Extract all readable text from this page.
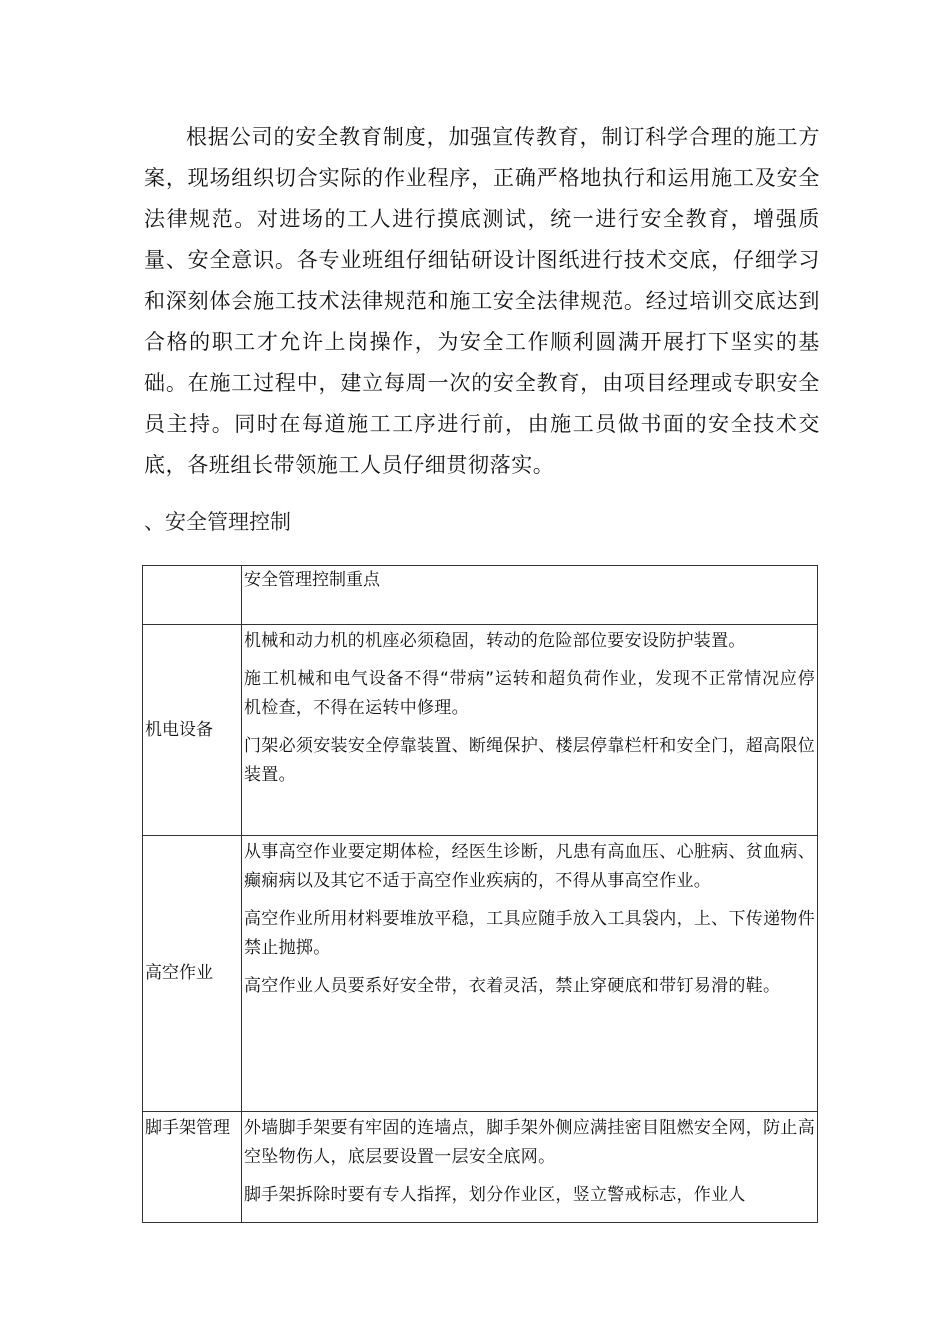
根据公司的安全教育制度，加强宣传教育，制订科学合理的施工方案，现场组织切合实际的作业程序，正确严格地执行和运用施工及安全法律规范。对进场的工人进行摸底测试，统一进行安全教育，增强质量、安全意识。各专业班组仔细钻研设计图纸进行技术交底，仔细学习和深刻体会施工技术法律规范和施工安全法律规范。经过培训交底达到合格的职工才允许上岗操作，为安全工作顺利圆满开展打下坚实的基础。在施工过程中，建立每周一次的安全教育，由项目经理或专职安全员主持。同时在每道施工工序进行前，由施工员做书面的安全技术交底，各班组长带领施工人员仔细贯彻落实。

、安全管理控制

	安全管理控制重点

机电设备	机械和动力机的机座必须稳固，转动的危险部位要安设防护装置。
施工机械和电气设备不得“带病”运转和超负荷作业，发现不正常情况应停机检查，不得在运转中修理。
门架必须安装安全停靠装置、断绳保护、楼层停靠栏杆和安全门，超高限位装置。

高空作业	从事高空作业要定期体检，经医生诊断，凡患有高血压、心脏病、贫血病、癫痫病以及其它不适于高空作业疾病的，不得从事高空作业。
高空作业所用材料要堆放平稳，工具应随手放入工具袋内，上、下传递物件禁止抛掷。
高空作业人员要系好安全带，衣着灵活，禁止穿硬底和带钉易滑的鞋。

脚手架管理	外墙脚手架要有牢固的连墙点，脚手架外侧应满挂密目阻燃安全网，防止高空坠物伤人，底层要设置一层安全底网。
脚手架拆除时要有专人指挥，划分作业区，竖立警戒标志，作业人
